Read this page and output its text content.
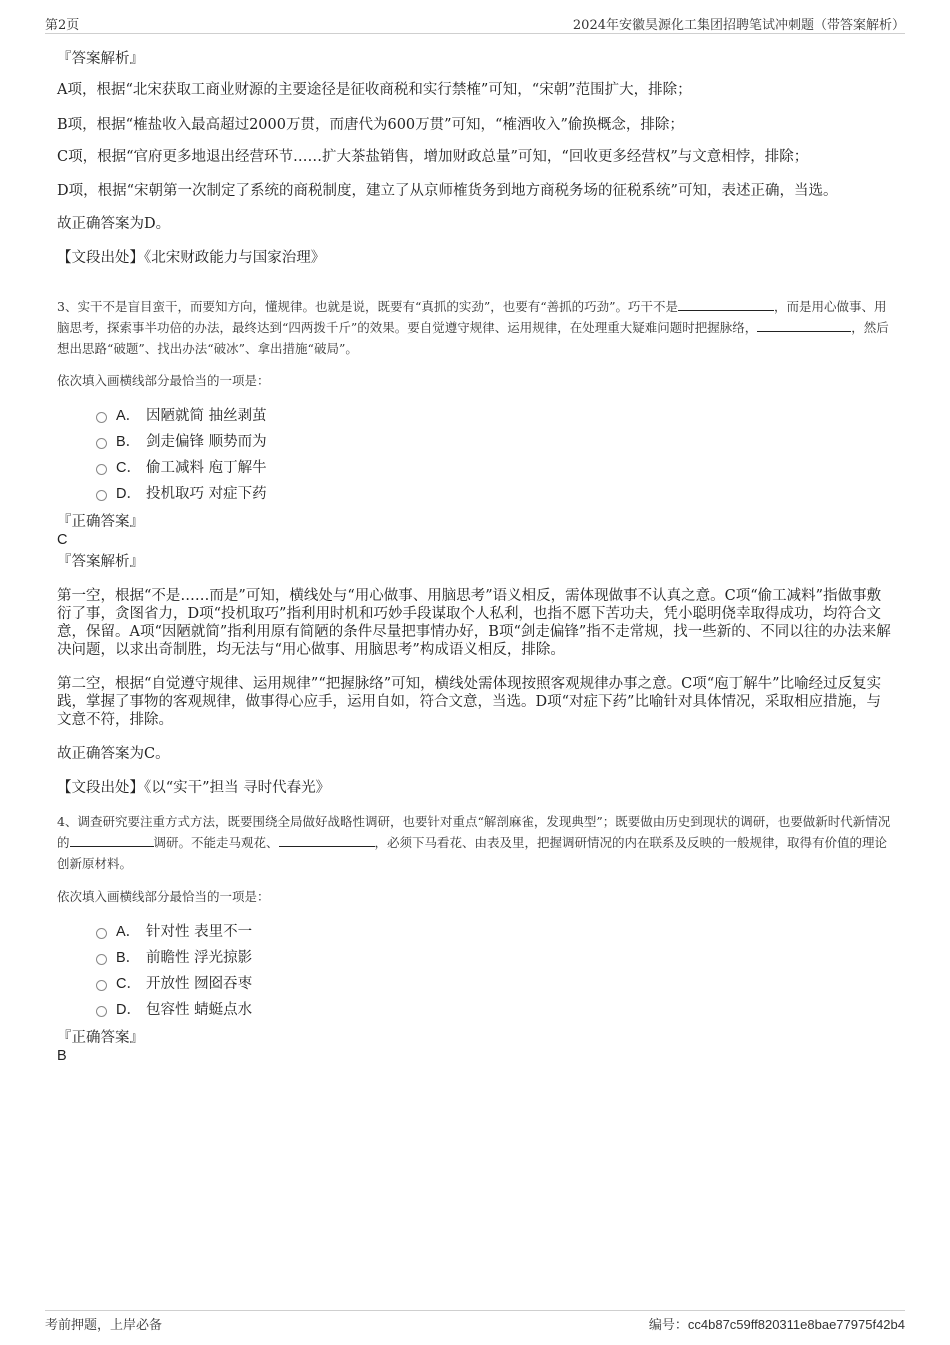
第2页	2024年安徽昊源化工集团招聘笔试冲刺题（带答案解析）
『答案解析』
A项，根据“北宋获取工商业财源的主要途径是征收商税和实行禁榷”可知，“宋朝”范围扩大，排除；
B项，根据“榷盐收入最高超过2000万贯，而唐代为600万贯”可知，“榷酒收入”偷换概念，排除；
C项，根据“官府更多地退出经营环节……扩大茶盐销售，增加财政总量”可知，“回收更多经营权”与文意相悖，排除；
D项，根据“宋朝第一次制定了系统的商税制度，建立了从京师榷货务到地方商税务场的征税系统”可知，表述正确，当选。
故正确答案为D。
【文段出处】《北宋财政能力与国家治理》
3、实干不是盲目蛮干，而要知方向，懂规律。也就是说，既要有“真抓的实劲”，也要有“善抓的巧劲”。巧干不是	，而是用心做事、用脑思考，探索事半功倍的办法，最终达到“四两拨千斤”的效果。要自觉遵守规律、运用规律，在处理重大疑难问题时把握脉络，	，然后想出思路“破题”、找出办法“破冰”、拿出措施“破局”。
依次填入画横线部分最恰当的一项是：
A． 因陋就简 抽丝剥茧
B． 剑走偏锋 顺势而为
C． 偷工减料 庖丁解牛
D． 投机取巧 对症下药
『正确答案』
C
『答案解析』
第一空，根据“不是……而是”可知，横线处与“用心做事、用脑思考”语义相反，需体现做事不认真之意。C项“偷工减料”指做事敷衍了事，贪图省力，D项“投机取巧”指利用时机和巧妙手段谋取个人私利，也指不愿下苦功夫，凭小聪明侥幸取得成功，均符合文意，保留。A项“因陋就简”指利用原有简陋的条件尽量把事情办好，B项“剑走偏锋”指不走常规，找一些新的、不同以往的办法来解决问题，以求出奇制胜，均无法与“用心做事、用脑思考”构成语义相反，排除。
第二空，根据“自觉遵守规律、运用规律”“把握脉络”可知，横线处需体现按照客观规律办事之意。C项“庖丁解牛”比喻经过反复实践，掌握了事物的客观规律，做事得心应手，运用自如，符合文意，当选。D项“对症下药”比喻针对具体情况，采取相应措施，与文意不符，排除。
故正确答案为C。
【文段出处】《以“实干”担当 寻时代春光》
4、调查研究要注重方式方法，既要围绕全局做好战略性调研，也要针对重点“解剖麻雀，发现典型”；既要做由历史到现状的调研，也要做新时代新情况的	调研。不能走马观花、	，必须下马看花、由表及里，把握调研情况的内在联系及反映的一般规律，取得有价值的理论创新原材料。
依次填入画横线部分最恰当的一项是：
A． 针对性 表里不一
B． 前瞻性 浮光掠影
C． 开放性 囫囵吞枣
D． 包容性 蜻蜓点水
『正确答案』
B
考前押题，上岸必备	编号：cc4b87c59ff820311e8bae77975f42b4
